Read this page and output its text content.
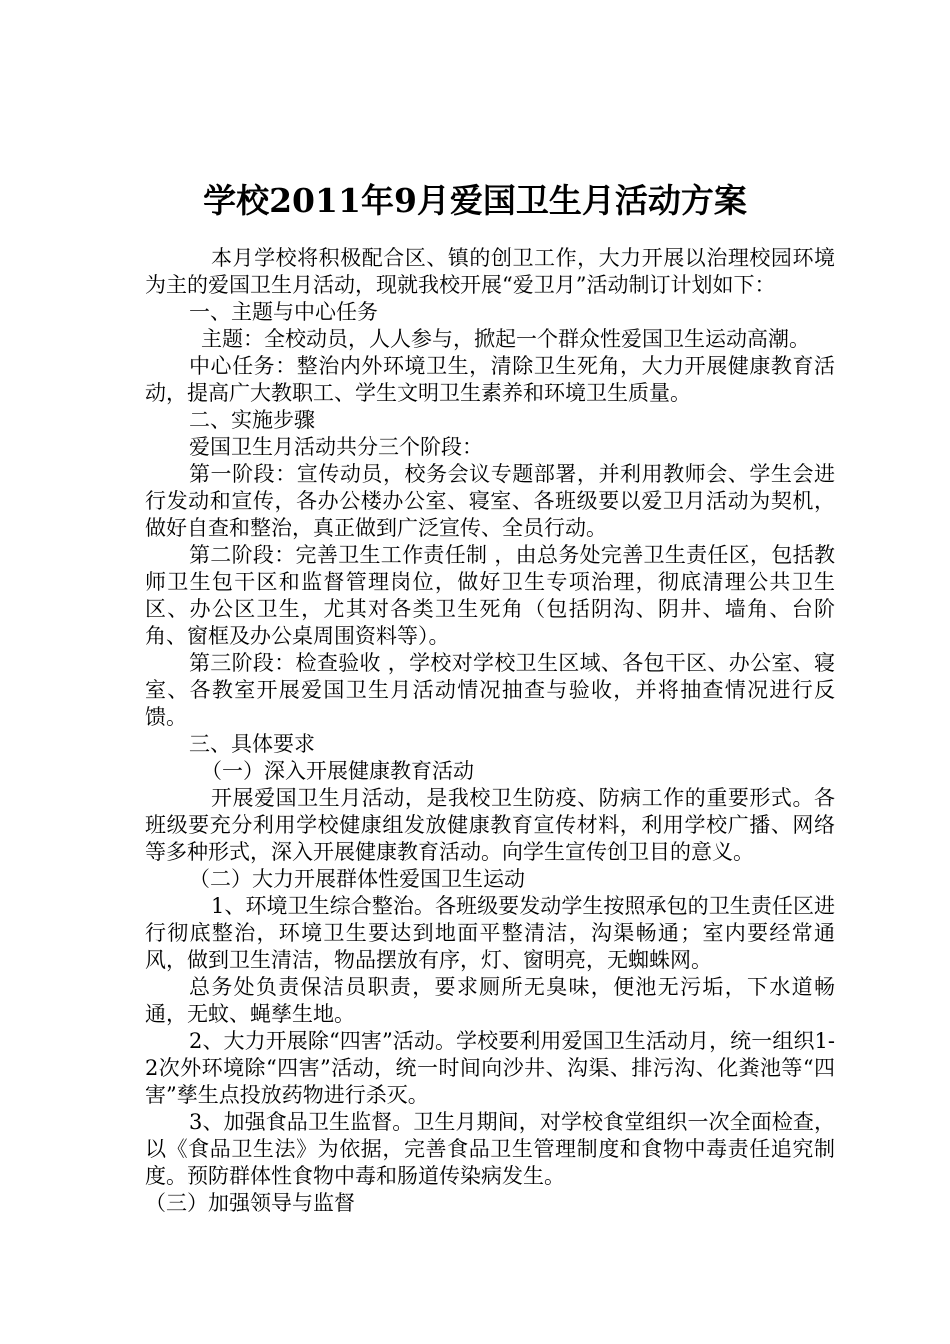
学校2011年9月爱国卫生月活动方案

本月学校将积极配合区、镇的创卫工作，大力开展以治理校园环境为主的爱国卫生月活动，现就我校开展“爱卫月”活动制订计划如下：

一、主题与中心任务

主题：全校动员，人人参与，掀起一个群众性爱国卫生运动高潮。

中心任务：整治内外环境卫生，清除卫生死角，大力开展健康教育活动，提高广大教职工、学生文明卫生素养和环境卫生质量。

二、实施步骤

爱国卫生月活动共分三个阶段：

第一阶段：宣传动员，校务会议专题部署，并利用教师会、学生会进行发动和宣传，各办公楼办公室、寝室、各班级要以爱卫月活动为契机，做好自查和整治，真正做到广泛宣传、全员行动。

第二阶段：完善卫生工作责任制 ，由总务处完善卫生责任区，包括教师卫生包干区和监督管理岗位，做好卫生专项治理，彻底清理公共卫生区、办公区卫生，尤其对各类卫生死角（包括阴沟、阴井、墙角、台阶角、窗框及办公桌周围资料等）。

第三阶段：检查验收 ，学校对学校卫生区域、各包干区、办公室、寝室、各教室开展爱国卫生月活动情况抽查与验收，并将抽查情况进行反馈。

三、具体要求

（一）深入开展健康教育活动

开展爱国卫生月活动，是我校卫生防疫、防病工作的重要形式。各班级要充分利用学校健康组发放健康教育宣传材料，利用学校广播、网络等多种形式，深入开展健康教育活动。向学生宣传创卫目的意义。

（二）大力开展群体性爱国卫生运动

1、环境卫生综合整治。各班级要发动学生按照承包的卫生责任区进行彻底整治，环境卫生要达到地面平整清洁，沟渠畅通；室内要经常通风，做到卫生清洁，物品摆放有序，灯、窗明亮，无蜘蛛网。

总务处负责保洁员职责，要求厕所无臭味，便池无污垢，下水道畅通，无蚊、蝇孳生地。

2、大力开展除“四害”活动。学校要利用爱国卫生活动月，统一组织1-2次外环境除“四害”活动，统一时间向沙井、沟渠、排污沟、化粪池等“四害”孳生点投放药物进行杀灭。

3、加强食品卫生监督。卫生月期间，对学校食堂组织一次全面检查，以《食品卫生法》为依据，完善食品卫生管理制度和食物中毒责任追究制度。预防群体性食物中毒和肠道传染病发生。

（三）加强领导与监督
